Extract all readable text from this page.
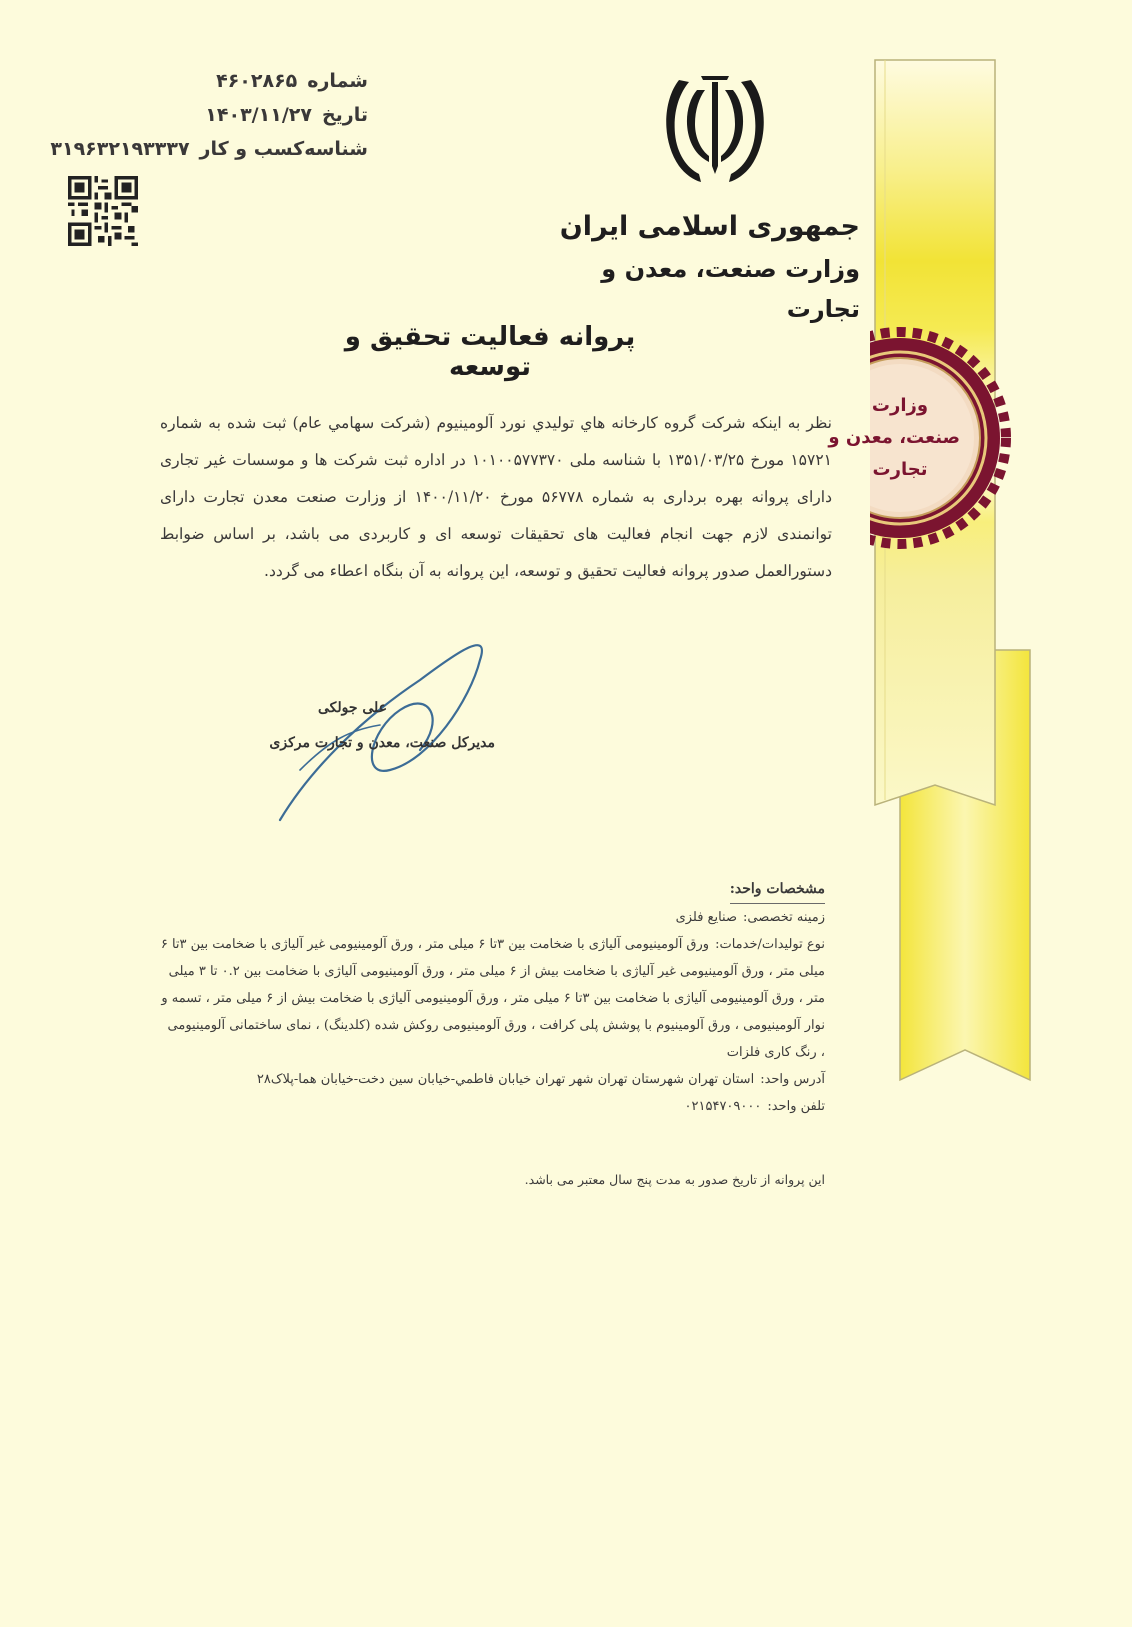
وزارت
صنعت، معدن و
تجارت
شماره۴۶۰۲۸۶۵
تاریخ۱۴۰۳/۱۱/۲۷
شناسه‌کسب و کار۳۱۹۶۳۲۱۹۳۳۳۷
جمهوری اسلامی ایران
وزارت صنعت، معدن و تجارت
پروانه فعالیت تحقیق و توسعه
نظر به اینکه شرکت گروه کارخانه هاي توليدي نورد آلومينيوم (شرکت سهامي عام) ثبت شده به شماره ۱۵۷۲۱ مورخ ۱۳۵۱/۰۳/۲۵ با شناسه ملی ۱۰۱۰۰۵۷۷۳۷۰ در اداره ثبت شرکت ها و موسسات غیر تجاری دارای پروانه بهره برداری به شماره ۵۶۷۷۸ مورخ ۱۴۰۰/۱۱/۲۰ از وزارت صنعت معدن تجارت دارای توانمندی لازم جهت انجام فعالیت های تحقیقات توسعه ای و کاربردی می باشد، بر اساس ضوابط دستورالعمل صدور پروانه فعالیت تحقیق و توسعه، این پروانه به آن بنگاه اعطاء می گردد.
علی جولکی
مدیرکل صنعت، معدن و تجارت مرکزی
مشخصات واحد:
زمینه تخصصی:صنایع فلزی
نوع تولیدات/خدمات:ورق آلومینیومی آلیاژی با ضخامت بین ۳تا ۶ میلی متر ، ورق آلومینیومی غیر آلیاژی با ضخامت بین ۳تا ۶ میلی متر ، ورق آلومینیومی غیر آلیاژی با ضخامت بیش از ۶ میلی متر ، ورق آلومینیومی آلیاژی با ضخامت بین ۰.۲ تا ۳ میلی متر ، ورق آلومینیومی آلیاژی با ضخامت بین ۳تا ۶ میلی متر ، ورق آلومینیومی آلیاژی با ضخامت بیش از ۶ میلی متر ، تسمه و نوار آلومینیومی ، ورق آلومینیوم با پوشش پلی کرافت ، ورق آلومینیومی روکش شده (کلدینگ) ، نمای ساختمانی آلومینیومی ، رنگ کاری فلزات
آدرس واحد:استان تهران شهرستان تهران شهر تهران خیابان فاطمي-خیابان سين دخت-خیابان هما-پلاک۲۸
تلفن واحد:۰۲۱۵۴۷۰۹۰۰۰
این پروانه از تاریخ صدور به مدت پنج سال معتبر می باشد.
